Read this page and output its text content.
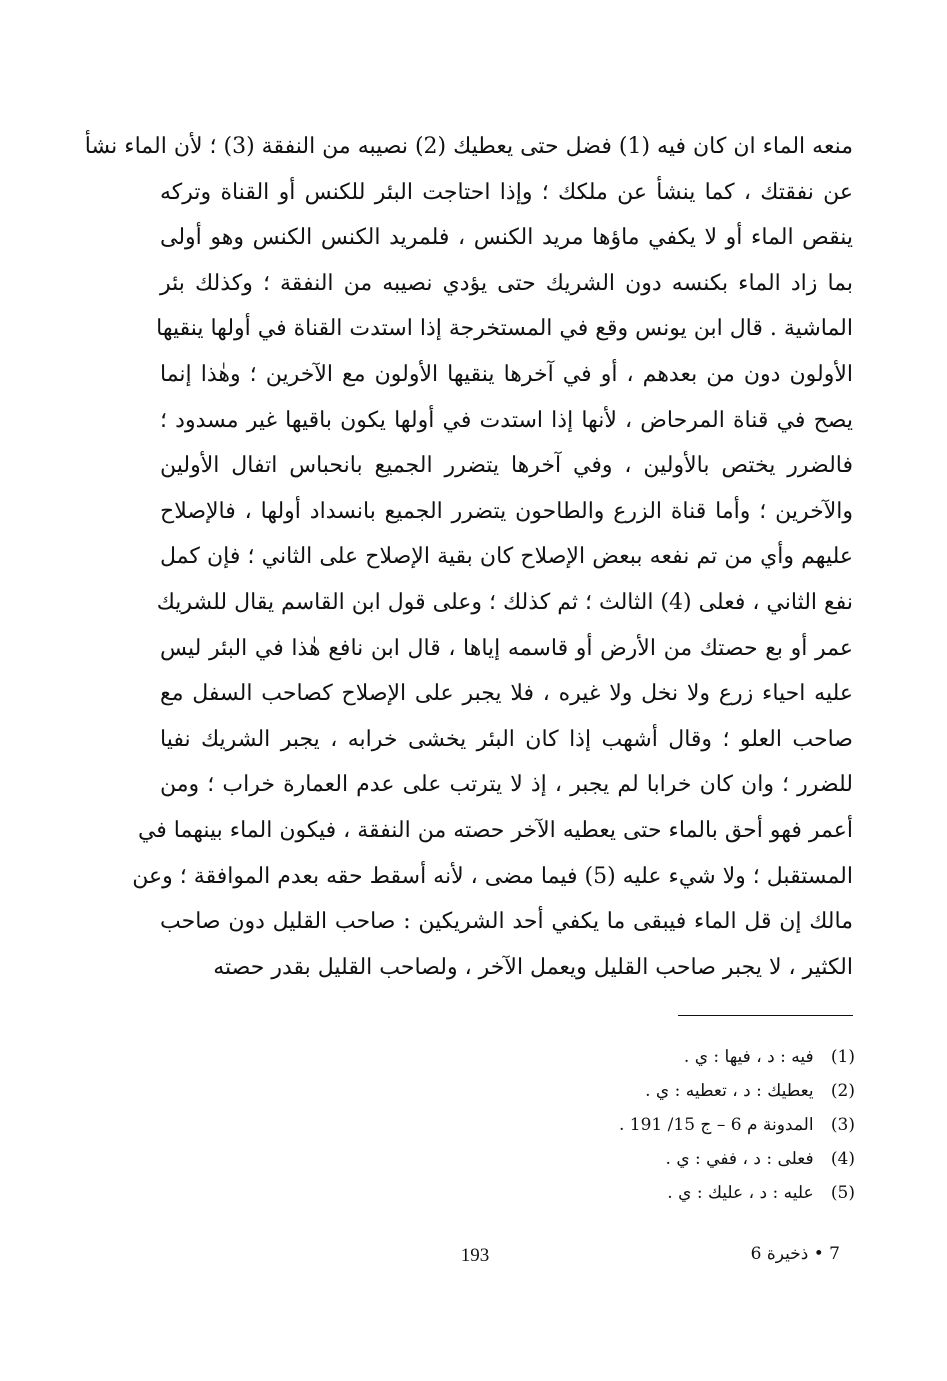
منعه الماء ان كان فيه (1) فضل حتى يعطيك (2) نصيبه من النفقة (3) ؛ لأن الماء نشأ
عن نفقتك ، كما ينشأ عن ملكك ؛ وإذا احتاجت البئر للكنس أو القناة وتركه
ينقص الماء أو لا يكفي ماؤها مريد الكنس ، فلمريد الكنس الكنس وهو أولى
بما زاد الماء بكنسه دون الشريك حتى يؤدي نصيبه من النفقة ؛ وكذلك بئر
الماشية . قال ابن يونس وقع في المستخرجة إذا استدت القناة في أولها ينقيها
الأولون دون من بعدهم ، أو في آخرها ينقيها الأولون مع الآخرين ؛ وهٰذا إنما
يصح في قناة المرحاض ، لأنها إذا استدت في أولها يكون باقيها غير مسدود ؛
فالضرر يختص بالأولين ، وفي آخرها يتضرر الجميع بانحباس اتفال الأولين
والآخرين ؛ وأما قناة الزرع والطاحون يتضرر الجميع بانسداد أولها ، فالإصلاح
عليهم وأي من تم نفعه ببعض الإصلاح كان بقية الإصلاح على الثاني ؛ فإن كمل
نفع الثاني ، فعلى (4) الثالث ؛ ثم كذلك ؛ وعلى قول ابن القاسم يقال للشريك
عمر أو بع حصتك من الأرض أو قاسمه إياها ، قال ابن نافع هٰذا في البئر ليس
عليه احياء زرع ولا نخل ولا غيره ، فلا يجبر على الإصلاح كصاحب السفل مع
صاحب العلو ؛ وقال أشهب إذا كان البئر يخشى خرابه ، يجبر الشريك نفيا
للضرر ؛ وان كان خرابا لم يجبر ، إذ لا يترتب على عدم العمارة خراب ؛ ومن
أعمر فهو أحق بالماء حتى يعطيه الآخر حصته من النفقة ، فيكون الماء بينهما في
المستقبل ؛ ولا شيء عليه (5) فيما مضى ، لأنه أسقط حقه بعدم الموافقة ؛ وعن
مالك إن قل الماء فيبقى ما يكفي أحد الشريكين : صاحب القليل دون صاحب
الكثير ، لا يجبر صاحب القليل ويعمل الآخر ، ولصاحب القليل بقدر حصته
(1) فيه : د ، فيها : ي .
(2) يعطيك : د ، تعطيه : ي .
(3) المدونة م 6 – ج 15/ 191 .
(4) فعلى : د ، ففي : ي .
(5) عليه : د ، عليك : ي .
193	7 • ذخيرة 6
